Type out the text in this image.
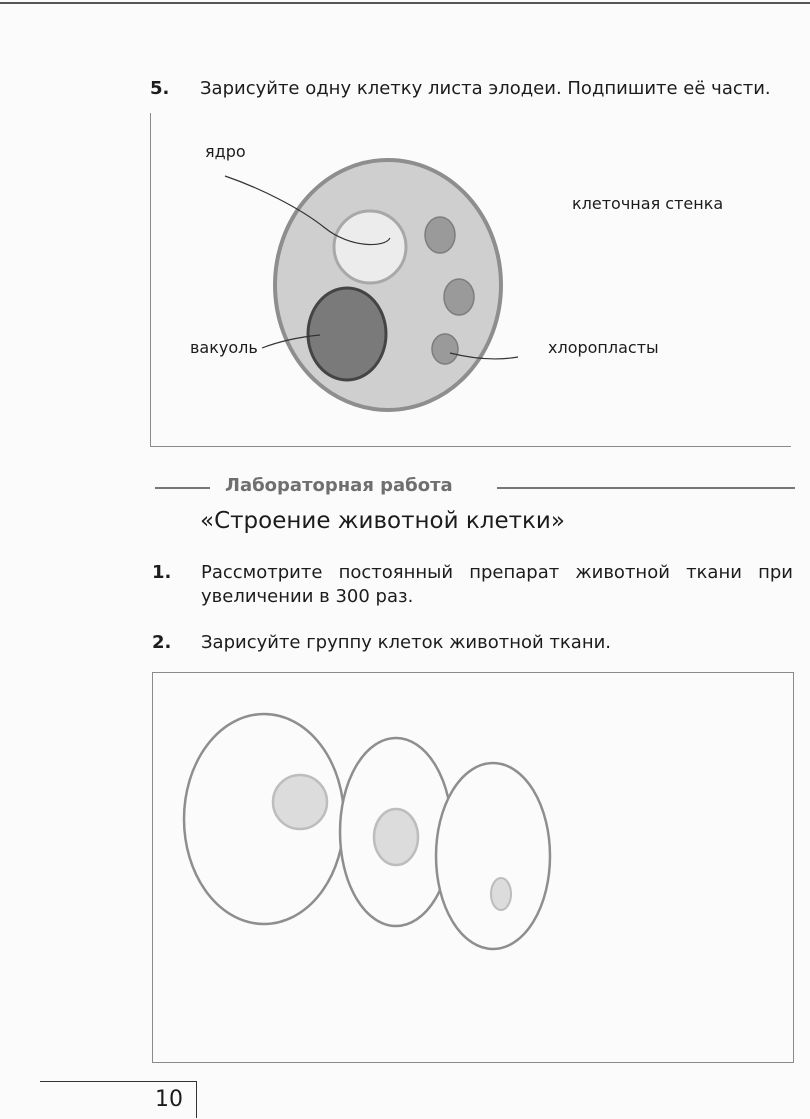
5. Зарисуйте одну клетку листа элодеи. Подпишите её части.
ядро
клеточная стенка
вакуоль	хлоропласты
Лабораторная работа
«Строение животной клетки»
1. Рассмотрите постоянный препарат животной ткани при
увеличении в 300 раз.
2. Зарисуйте группу клеток животной ткани.
10
